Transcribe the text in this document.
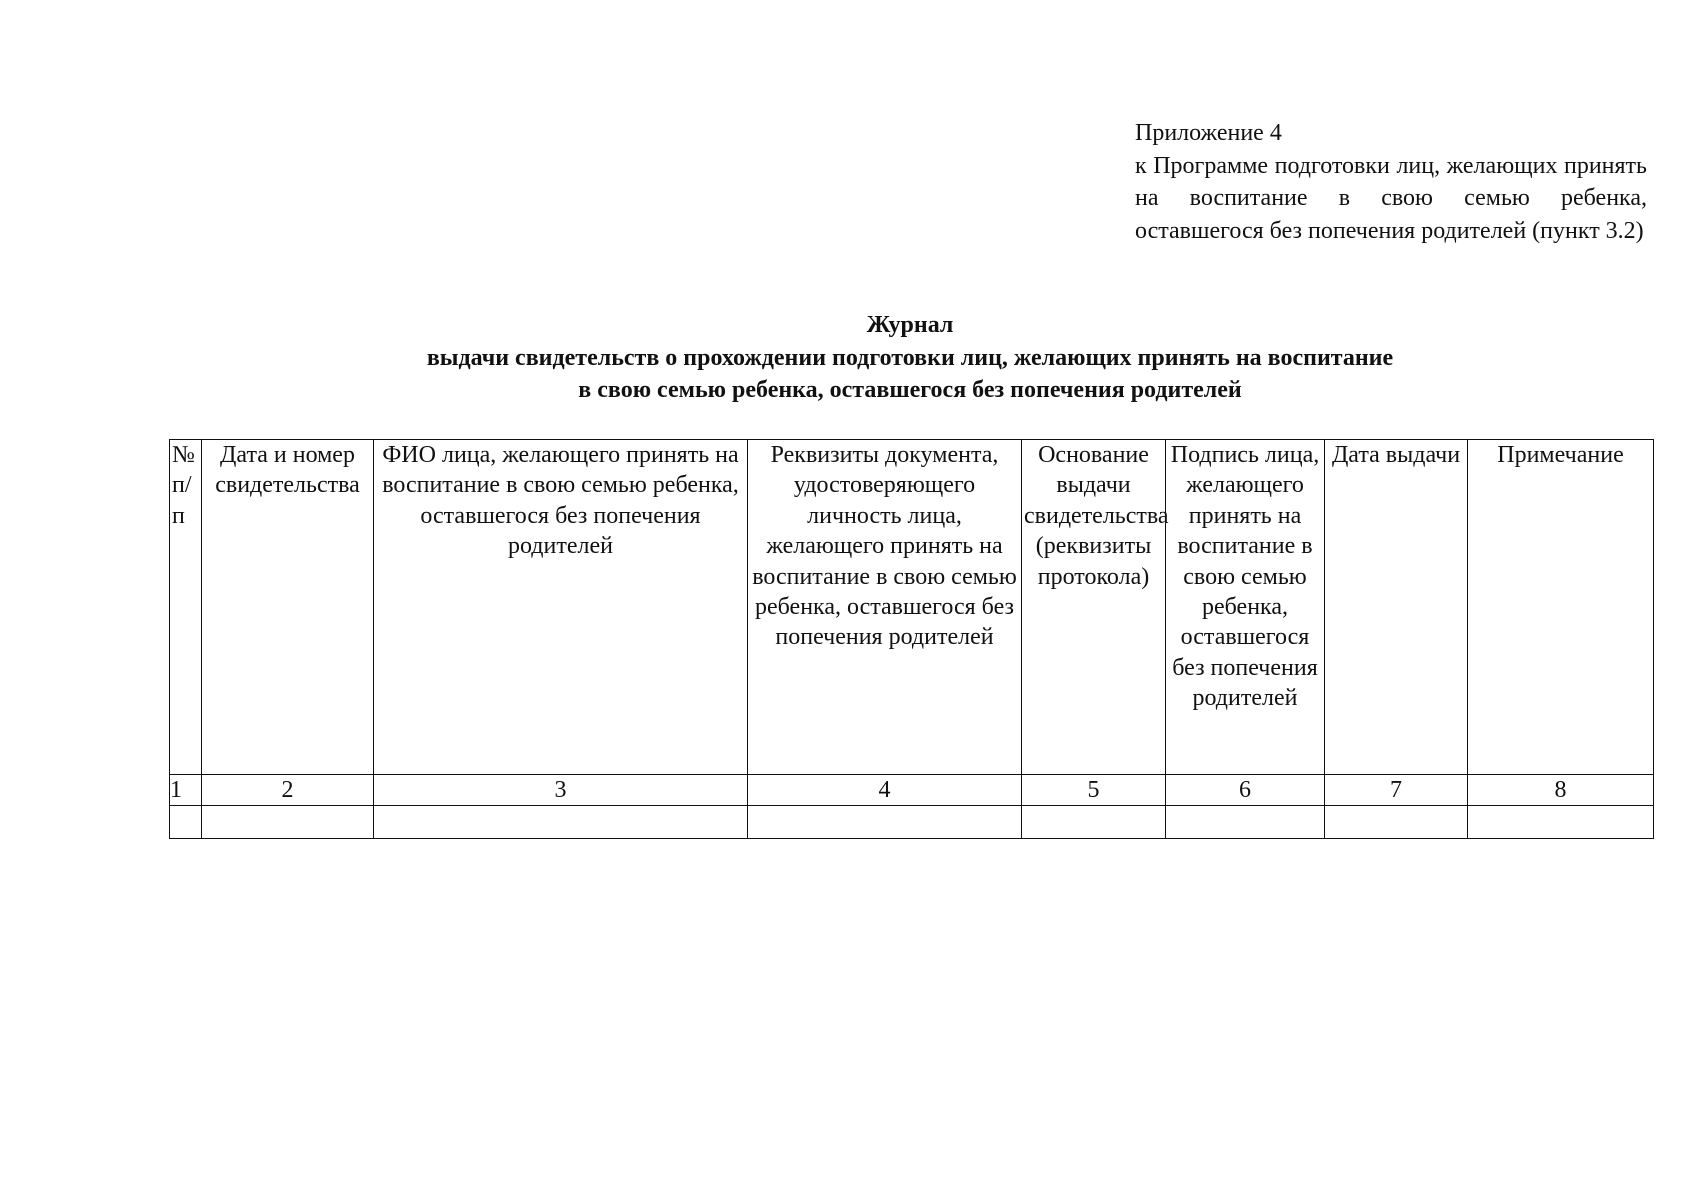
Приложение 4
к Программе подготовки лиц, желающих принять на воспитание в свою семью ребенка, оставшегося без попечения родителей (пункт 3.2)
Журнал
выдачи свидетельств о прохождении подготовки лиц, желающих принять на воспитание
в свою семью ребенка, оставшегося без попечения родителей
№ п/п	Дата и номер свидетельства	ФИО лица, желающего принять на воспитание в свою семью ребенка, оставшегося без попечения родителей	Реквизиты документа, удостоверяющего личность лица, желающего принять на воспитание в свою семью ребенка, оставшегося без попечения родителей	Основание выдачи свидетельства (реквизиты протокола)	Подпись лица, желающего принять на воспитание в свою семью ребенка, оставшегося без попечения родителей	Дата выдачи	Примечание
1	2	3	4	5	6	7	8
